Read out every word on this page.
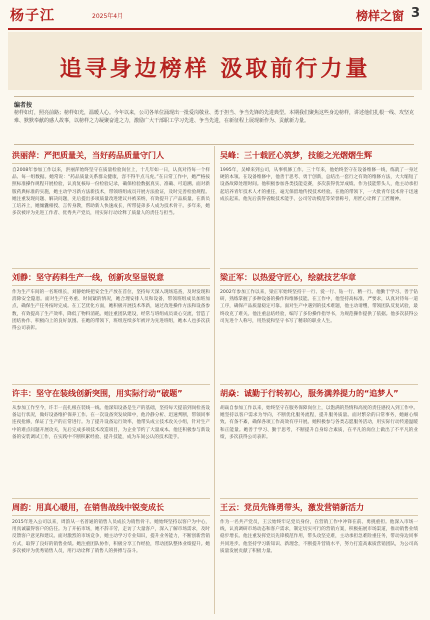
杨子江	2025年4月	榜样之窗 3
追寻身边榜样 汲取前行力量
编者按
榜样如灯，照亮前路；榜样如光，温暖人心。今年以来，公司各单位涌现出一批爱岗敬业、勇于担当、争当先锋的先进典型。本期我们聚焦这些身边榜样，讲述他们扎根一线、攻坚克难、默默奉献的感人故事，以榜样之力凝聚奋进之力，激励广大干部职工学习先进、争当先进，在新征程上展现新作为、贡献新力量。
洪丽萍：严把质量关，当好药品质量守门人
自2008年参加工作以来，洪丽萍始终坚守在质量检验岗位上，十几年如一日，认真对待每一个样品、每一组数据。她常说：“药品质量关系群众健康，容不得半点马虎。”在日常工作中，她严格按照标准操作规程开展检验，认真复核每一份检验记录，确保检验数据真实、准确、可追溯。面对新版药典标准的实施，她主动学习新方法新技术，带领班组成员开展方法验证，及时完善检验规程。她注重发现问题、解决问题，先后提出多项质量改进建议并被采纳，有效提升了产品质量。在新员工培养上，她倾囊相授、言传身教，帮助新人快速成长，所带徒弟多人成为技术骨干。多年来，她多次被评为先进工作者、优秀共产党员，用实际行动诠释了质量人的责任与担当。
刘静：坚守药料生产一线，创新攻坚显锐意
作为生产车间的一名班组长，刘静始终把安全生产放在首位，坚持每天深入现场巡查，及时发现和消除安全隐患。面对生产任务重、时间紧的情况，她合理安排人员和设备，带领班组成员加班加点，确保生产任务按时完成。在工艺优化方面，她积极开展技术革新，通过改进操作方法和设备参数，有效提高了生产效率，降低了物料消耗。她注重团队建设，经常与班组成员谈心交流，营造了团结协作、积极向上的良好氛围。在她的带领下，班组连续多年被评为先进班组，她本人也多次获得公司表彰。
许丰：坚守在装线创新突围，用实际行动“破题”
从参加工作至今，许丰一直扎根在装线一线。他深知设备是生产的基础，坚持每天提前到岗检查设备运行状况，做好设备维护保养工作。在一次设备突发故障中，他冷静分析、迅速判断，带领同事连夜抢修，保证了生产的正常进行。为了提升设备运行效率，他带头成立技术攻关小组，针对生产中的难点问题开展攻关，先后完成多项技术改造项目，为企业节约了大量成本。他还积极参与新设备的安装调试工作，在实践中不断积累经验、提升技能，成为车间公认的技术能手。
周韵：用真心暖用，在销售战线中锐变成长
2015年进入公司以来，周韵从一名普通的销售人员成长为销售骨干。她始终坚持以客户为中心，用真诚赢得客户的信任。为了开拓市场，她不辞辛劳，走访了大量客户，深入了解市场需求，及时反馈客户意见和建议。面对激烈的市场竞争，她主动学习专业知识，提升业务能力，不断创新营销方式，取得了良好的销售业绩。她注重团队协作，积极分享工作经验，带动团队整体业绩提升。她多次被评为优秀销售人员，用行动诠释了销售人的拼搏与奋斗。
吴峰：三十载匠心筑梦，技能之光熠熠生辉
1995年，吴峰来到公司，从事机修工作。三十年来，他始终坚守在设备维修一线，练就了一身过硬的本领。在设备维修中，他善于思考、勇于创新，总结出一套行之有效的维修方法，大大缩短了设备故障处理时间。他积极参加各类技能竞赛，多次获得优异成绩。作为技能带头人，他主动承担起培养青年技术人才的重任，毫无保留地传授技术经验。在他的带领下，一大批青年技术骨干迅速成长起来。他先后获得省级技术能手、公司劳动模范等荣誉称号，用匠心诠释了工匠精神。
梁正军：以热爱守匠心，绘就技艺华章
2002年参加工作以来，梁正军始终坚持干一行、爱一行、钻一行、精一行。他勤于学习、善于钻研，熟练掌握了多种设备的操作和维修技能。在工作中，他坚持高标准、严要求，认真对待每一道工序，确保产品质量稳定可靠。面对生产中遇到的技术难题，他主动请缨，带领团队反复试验，最终攻克了难关。他注重总结经验，编写了多份操作指导书，为规范操作提供了依据。他多次获得公司先进个人称号，用热爱和坚守书写了精彩的职业人生。
胡焱：诚勤于行转初心，服务满养提力的“追梦人”
胡焱自参加工作以来，始终坚守在服务保障岗位上，以饱满的热情和高度的责任感投入到工作中。她坚持以客户需求为导向，不断优化服务流程，提升服务质量。面对繁杂的日常事务，她耐心细致、有条不紊，确保各项工作高效有序开展。她积极参与各类志愿服务活动，用实际行动传递温暖和正能量。她善于学习、勤于思考，不断提升自身综合素质，在平凡的岗位上做出了不平凡的业绩，多次获得公司表彰。
王云：党员先锋勇带头，激发营销新活力
作为一名共产党员，王云始终牢记党员身份，在营销工作中冲锋在前、勇挑重担。他深入市场一线，认真调研市场动态和客户需求，制定切实可行的营销方案，积极拓展市场渠道，推动销售业绩稳步增长。他注重发挥党员先锋模范作用，带头攻坚克难，主动承担急难险重任务，带动身边同事共同进步。他坚持学习新知识、新理念，不断提升营销水平，努力打造高素质营销团队，为公司高质量发展贡献了积极力量。
